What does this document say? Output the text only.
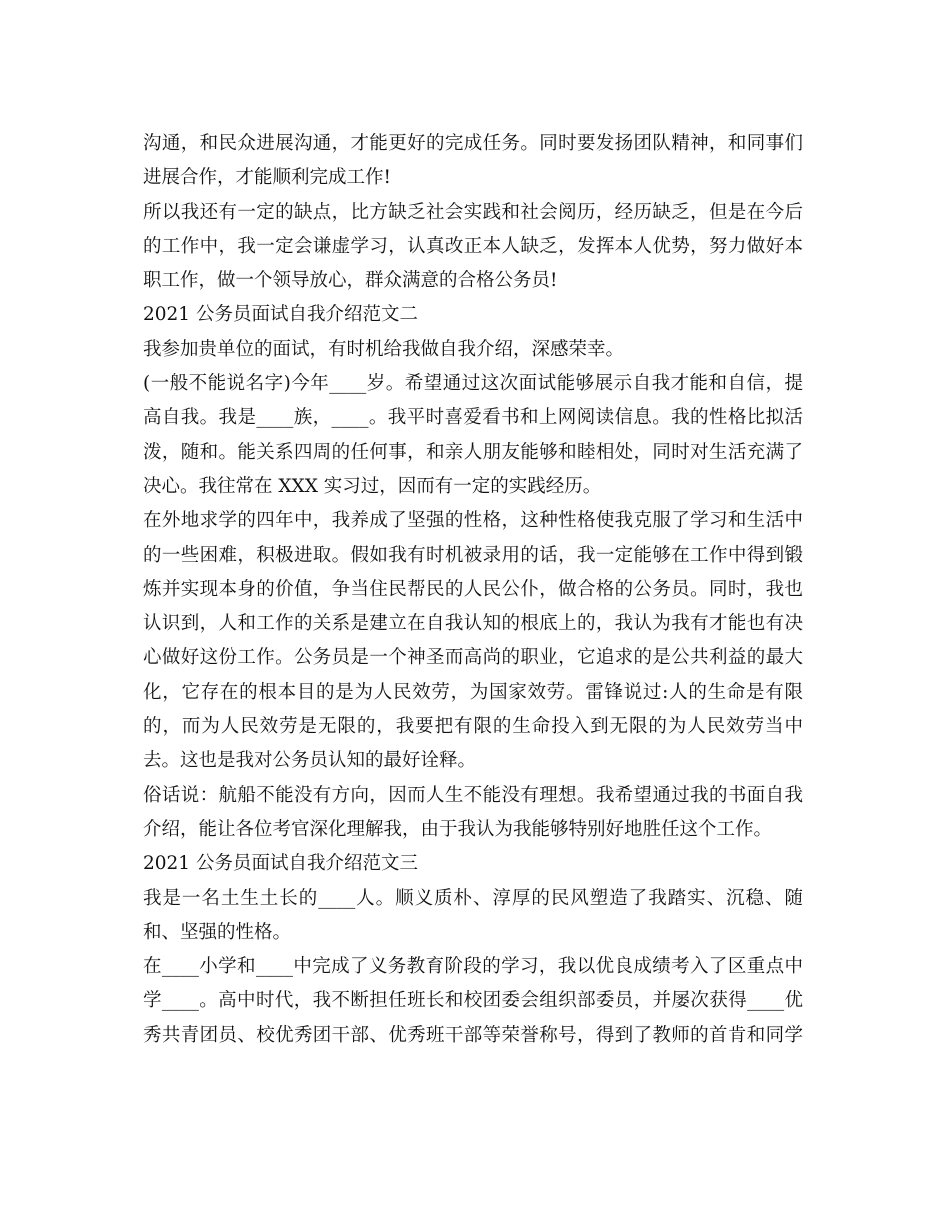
沟通，和民众进展沟通，才能更好的完成任务。同时要发扬团队精神，和同事们
进展合作，才能顺利完成工作!
所以我还有一定的缺点，比方缺乏社会实践和社会阅历，经历缺乏，但是在今后
的工作中，我一定会谦虚学习，认真改正本人缺乏，发挥本人优势，努力做好本
职工作，做一个领导放心，群众满意的合格公务员!
2021 公务员面试自我介绍范文二
我参加贵单位的面试，有时机给我做自我介绍，深感荣幸。
(一般不能说名字)今年____岁。希望通过这次面试能够展示自我才能和自信，提
高自我。我是____族，____。我平时喜爱看书和上网阅读信息。我的性格比拟活
泼，随和。能关系四周的任何事，和亲人朋友能够和睦相处，同时对生活充满了
决心。我往常在 XXX 实习过，因而有一定的实践经历。
在外地求学的四年中，我养成了坚强的性格，这种性格使我克服了学习和生活中
的一些困难，积极进取。假如我有时机被录用的话，我一定能够在工作中得到锻
炼并实现本身的价值，争当住民帮民的人民公仆，做合格的公务员。同时，我也
认识到，人和工作的关系是建立在自我认知的根底上的，我认为我有才能也有决
心做好这份工作。公务员是一个神圣而高尚的职业，它追求的是公共利益的最大
化，它存在的根本目的是为人民效劳，为国家效劳。雷锋说过:人的生命是有限
的，而为人民效劳是无限的，我要把有限的生命投入到无限的为人民效劳当中
去。这也是我对公务员认知的最好诠释。
俗话说：航船不能没有方向，因而人生不能没有理想。我希望通过我的书面自我
介绍，能让各位考官深化理解我，由于我认为我能够特别好地胜任这个工作。
2021 公务员面试自我介绍范文三
我是一名土生土长的____人。顺义质朴、淳厚的民风塑造了我踏实、沉稳、随
和、坚强的性格。
在____小学和____中完成了义务教育阶段的学习，我以优良成绩考入了区重点中
学____。高中时代，我不断担任班长和校团委会组织部委员，并屡次获得____优
秀共青团员、校优秀团干部、优秀班干部等荣誉称号，得到了教师的首肯和同学
